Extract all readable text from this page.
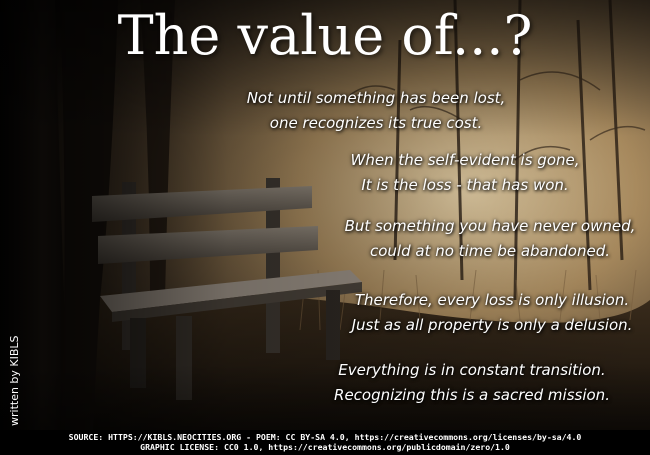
The value of...?
Not until something has been lost,
one recognizes its true cost.
When the self-evident is gone,
It is the loss - that has won.
But something you have never owned,
could at no time be abandoned.
Therefore, every loss is only illusion.
Just as all property is only a delusion.
Everything is in constant transition.
Recognizing this is a sacred mission.
written by KIBLS
SOURCE: HTTPS://KIBLS.NEOCITIES.ORG - POEM: CC BY-SA 4.0, https://creativecommons.org/licenses/by-sa/4.0
GRAPHIC LICENSE: CC0 1.0, https://creativecommons.org/publicdomain/zero/1.0
